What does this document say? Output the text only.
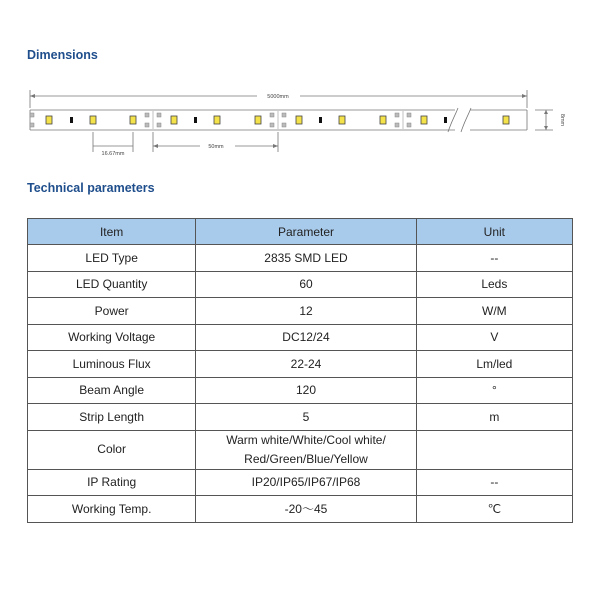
Dimensions
5000mm
16.67mm
50mm
8mm
Technical parameters
Item	Parameter	Unit
LED Type	2835 SMD LED	--
LED Quantity	60	Leds
Power	12	W/M
Working Voltage	DC12/24	V
Luminous Flux	22-24	Lm/led
Beam Angle	120	°
Strip Length	5	m
Color	Warm white/White/Cool white/
Red/Green/Blue/Yellow	
IP Rating	IP20/IP65/IP67/IP68	--
Working Temp.	-20～45	℃
